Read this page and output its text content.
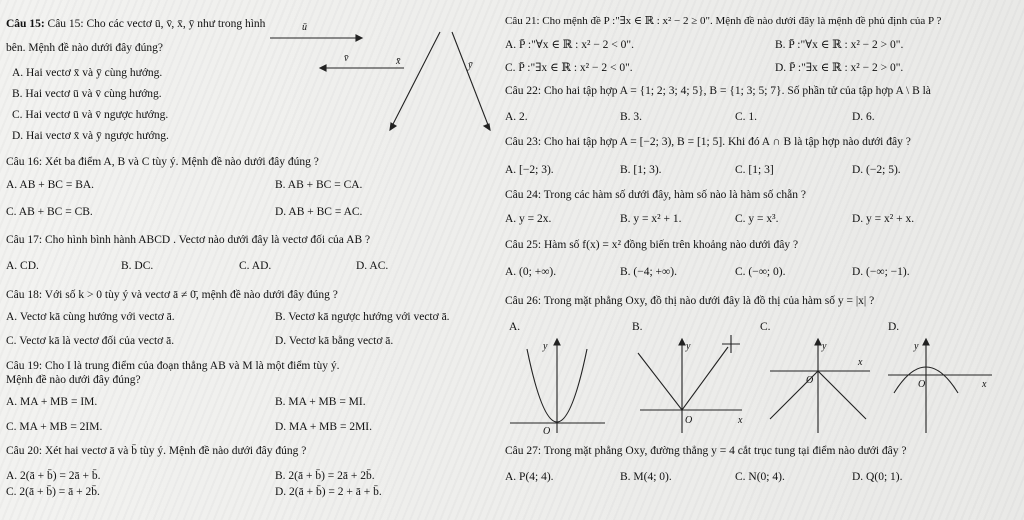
Câu 15: Câu 15: Cho các vectơ ū, v̄, x̄, ȳ như trong hình
bên. Mệnh đề nào dưới đây đúng?
A. Hai vectơ x̄ và ȳ cùng hướng.
B. Hai vectơ ū và v̄ cùng hướng.
C. Hai vectơ ū và v̄ ngược hướng.
D. Hai vectơ x̄ và ȳ ngược hướng.
ū
v̄	x̄	ȳ
Câu 16: Xét ba điểm A, B và C tùy ý. Mệnh đề nào dưới đây đúng ?
A. AB + BC = BA.	B. AB + BC = CA.
C. AB + BC = CB.	D. AB + BC = AC.
Câu 17: Cho hình bình hành ABCD . Vectơ nào dưới đây là vectơ đối của AB ?
A. CD.	B. DC.	C. AD.	D. AC.
Câu 18: Với số k > 0 tùy ý và vectơ ā ≠ 0̄, mệnh đề nào dưới đây đúng ?
A. Vectơ kā cùng hướng với vectơ ā.	B. Vectơ kā ngược hướng với vectơ ā.
C. Vectơ kā là vectơ đối của vectơ ā.	D. Vectơ kā bằng vectơ ā.
Câu 19: Cho I là trung điểm của đoạn thẳng AB và M là một điểm tùy ý.
Mệnh đề nào dưới đây đúng?
A. MA + MB = IM.	B. MA + MB = MI.
C. MA + MB = 2IM.	D. MA + MB = 2MI.
Câu 20: Xét hai vectơ ā và b̄ tùy ý. Mệnh đề nào dưới đây đúng ?
A. 2(ā + b̄) = 2ā + b̄.	B. 2(ā + b̄) = 2ā + 2b̄.
C. 2(ā + b̄) = ā + 2b̄.	D. 2(ā + b̄) = 2 + ā + b̄.
Câu 21: Cho mệnh đề P :"∃x ∈ ℝ : x² − 2 ≥ 0". Mệnh đề nào dưới đây là mệnh đề phủ định của P ?
A. P̄ :"∀x ∈ ℝ : x² − 2 < 0".	B. P̄ :"∀x ∈ ℝ : x² − 2 > 0".
C. P̄ :"∃x ∈ ℝ : x² − 2 < 0".	D. P̄ :"∃x ∈ ℝ : x² − 2 > 0".
Câu 22: Cho hai tập hợp A = {1; 2; 3; 4; 5}, B = {1; 3; 5; 7}. Số phần tử của tập hợp A \ B là
A. 2.	B. 3.	C. 1.	D. 6.
Câu 23: Cho hai tập hợp A = [−2; 3), B = [1; 5]. Khi đó A ∩ B là tập hợp nào dưới đây ?
A. [−2; 3).	B. [1; 3).	C. [1; 3]	D. (−2; 5).
Câu 24: Trong các hàm số dưới đây, hàm số nào là hàm số chẵn ?
A. y = 2x.	B. y = x² + 1.	C. y = x³.	D. y = x² + x.
Câu 25: Hàm số f(x) = x² đồng biến trên khoảng nào dưới đây ?
A. (0; +∞).	B. (−4; +∞).	C. (−∞; 0).	D. (−∞; −1).
Câu 26: Trong mặt phẳng Oxy, đồ thị nào dưới đây là đồ thị của hàm số y = |x| ?
A.	B.	C.	D.
y
O
y
x
O
y
x
O
y
x
O
Câu 27: Trong mặt phẳng Oxy, đường thẳng y = 4 cắt trục tung tại điểm nào dưới đây ?
A. P(4; 4).	B. M(4; 0).	C. N(0; 4).	D. Q(0; 1).
